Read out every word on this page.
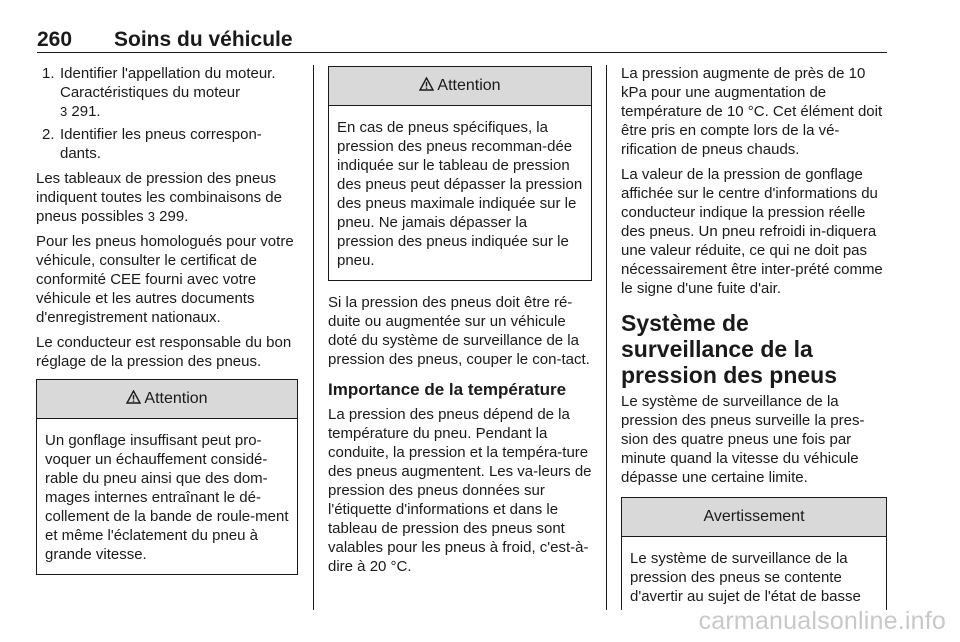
260 Soins du véhicule
1. Identifier l'appellation du moteur. Caractéristiques du moteur
3 291.
2. Identifier les pneus correspon-dants.

Les tableaux de pression des pneus indiquent toutes les combinaisons de pneus possibles 3 299.

Pour les pneus homologués pour votre véhicule, consulter le certificat de conformité CEE fourni avec votre véhicule et les autres documents d'enregistrement nationaux.

Le conducteur est responsable du bon réglage de la pression des pneus.

Attention
Un gonflage insuffisant peut pro-voquer un échauffement considé-rable du pneu ainsi que des dom-mages internes entraînant le dé-collement de la bande de roule-ment et même l'éclatement du pneu à grande vitesse.
Attention
En cas de pneus spécifiques, la pression des pneus recomman-dée indiquée sur le tableau de pression des pneus peut dépasser la pression des pneus maximale indiquée sur le pneu. Ne jamais dépasser la pression des pneus indiquée sur le pneu.

Si la pression des pneus doit être ré-duite ou augmentée sur un véhicule doté du système de surveillance de la pression des pneus, couper le con-tact.

Importance de la température

La pression des pneus dépend de la température du pneu. Pendant la conduite, la pression et la tempéra-ture des pneus augmentent. Les va-leurs de pression des pneus données sur l'étiquette d'informations et dans le tableau de pression des pneus sont valables pour les pneus à froid, c'est-à-dire à 20 °C.

La pression augmente de près de 10 kPa pour une augmentation de température de 10 °C. Cet élément doit être pris en compte lors de la vé-rification de pneus chauds.

La valeur de la pression de gonflage affichée sur le centre d'informations du conducteur indique la pression réelle des pneus. Un pneu refroidi in-diquera une valeur réduite, ce qui ne doit pas nécessairement être inter-prété comme le signe d'une fuite d'air.

Système de surveillance de la pression des pneus

Le système de surveillance de la pression des pneus surveille la pres-sion des quatre pneus une fois par minute quand la vitesse du véhicule dépasse une certaine limite.

Avertissement
Le système de surveillance de la pression des pneus se contente d'avertir au sujet de l'état de basse
carmanualsonline.info
